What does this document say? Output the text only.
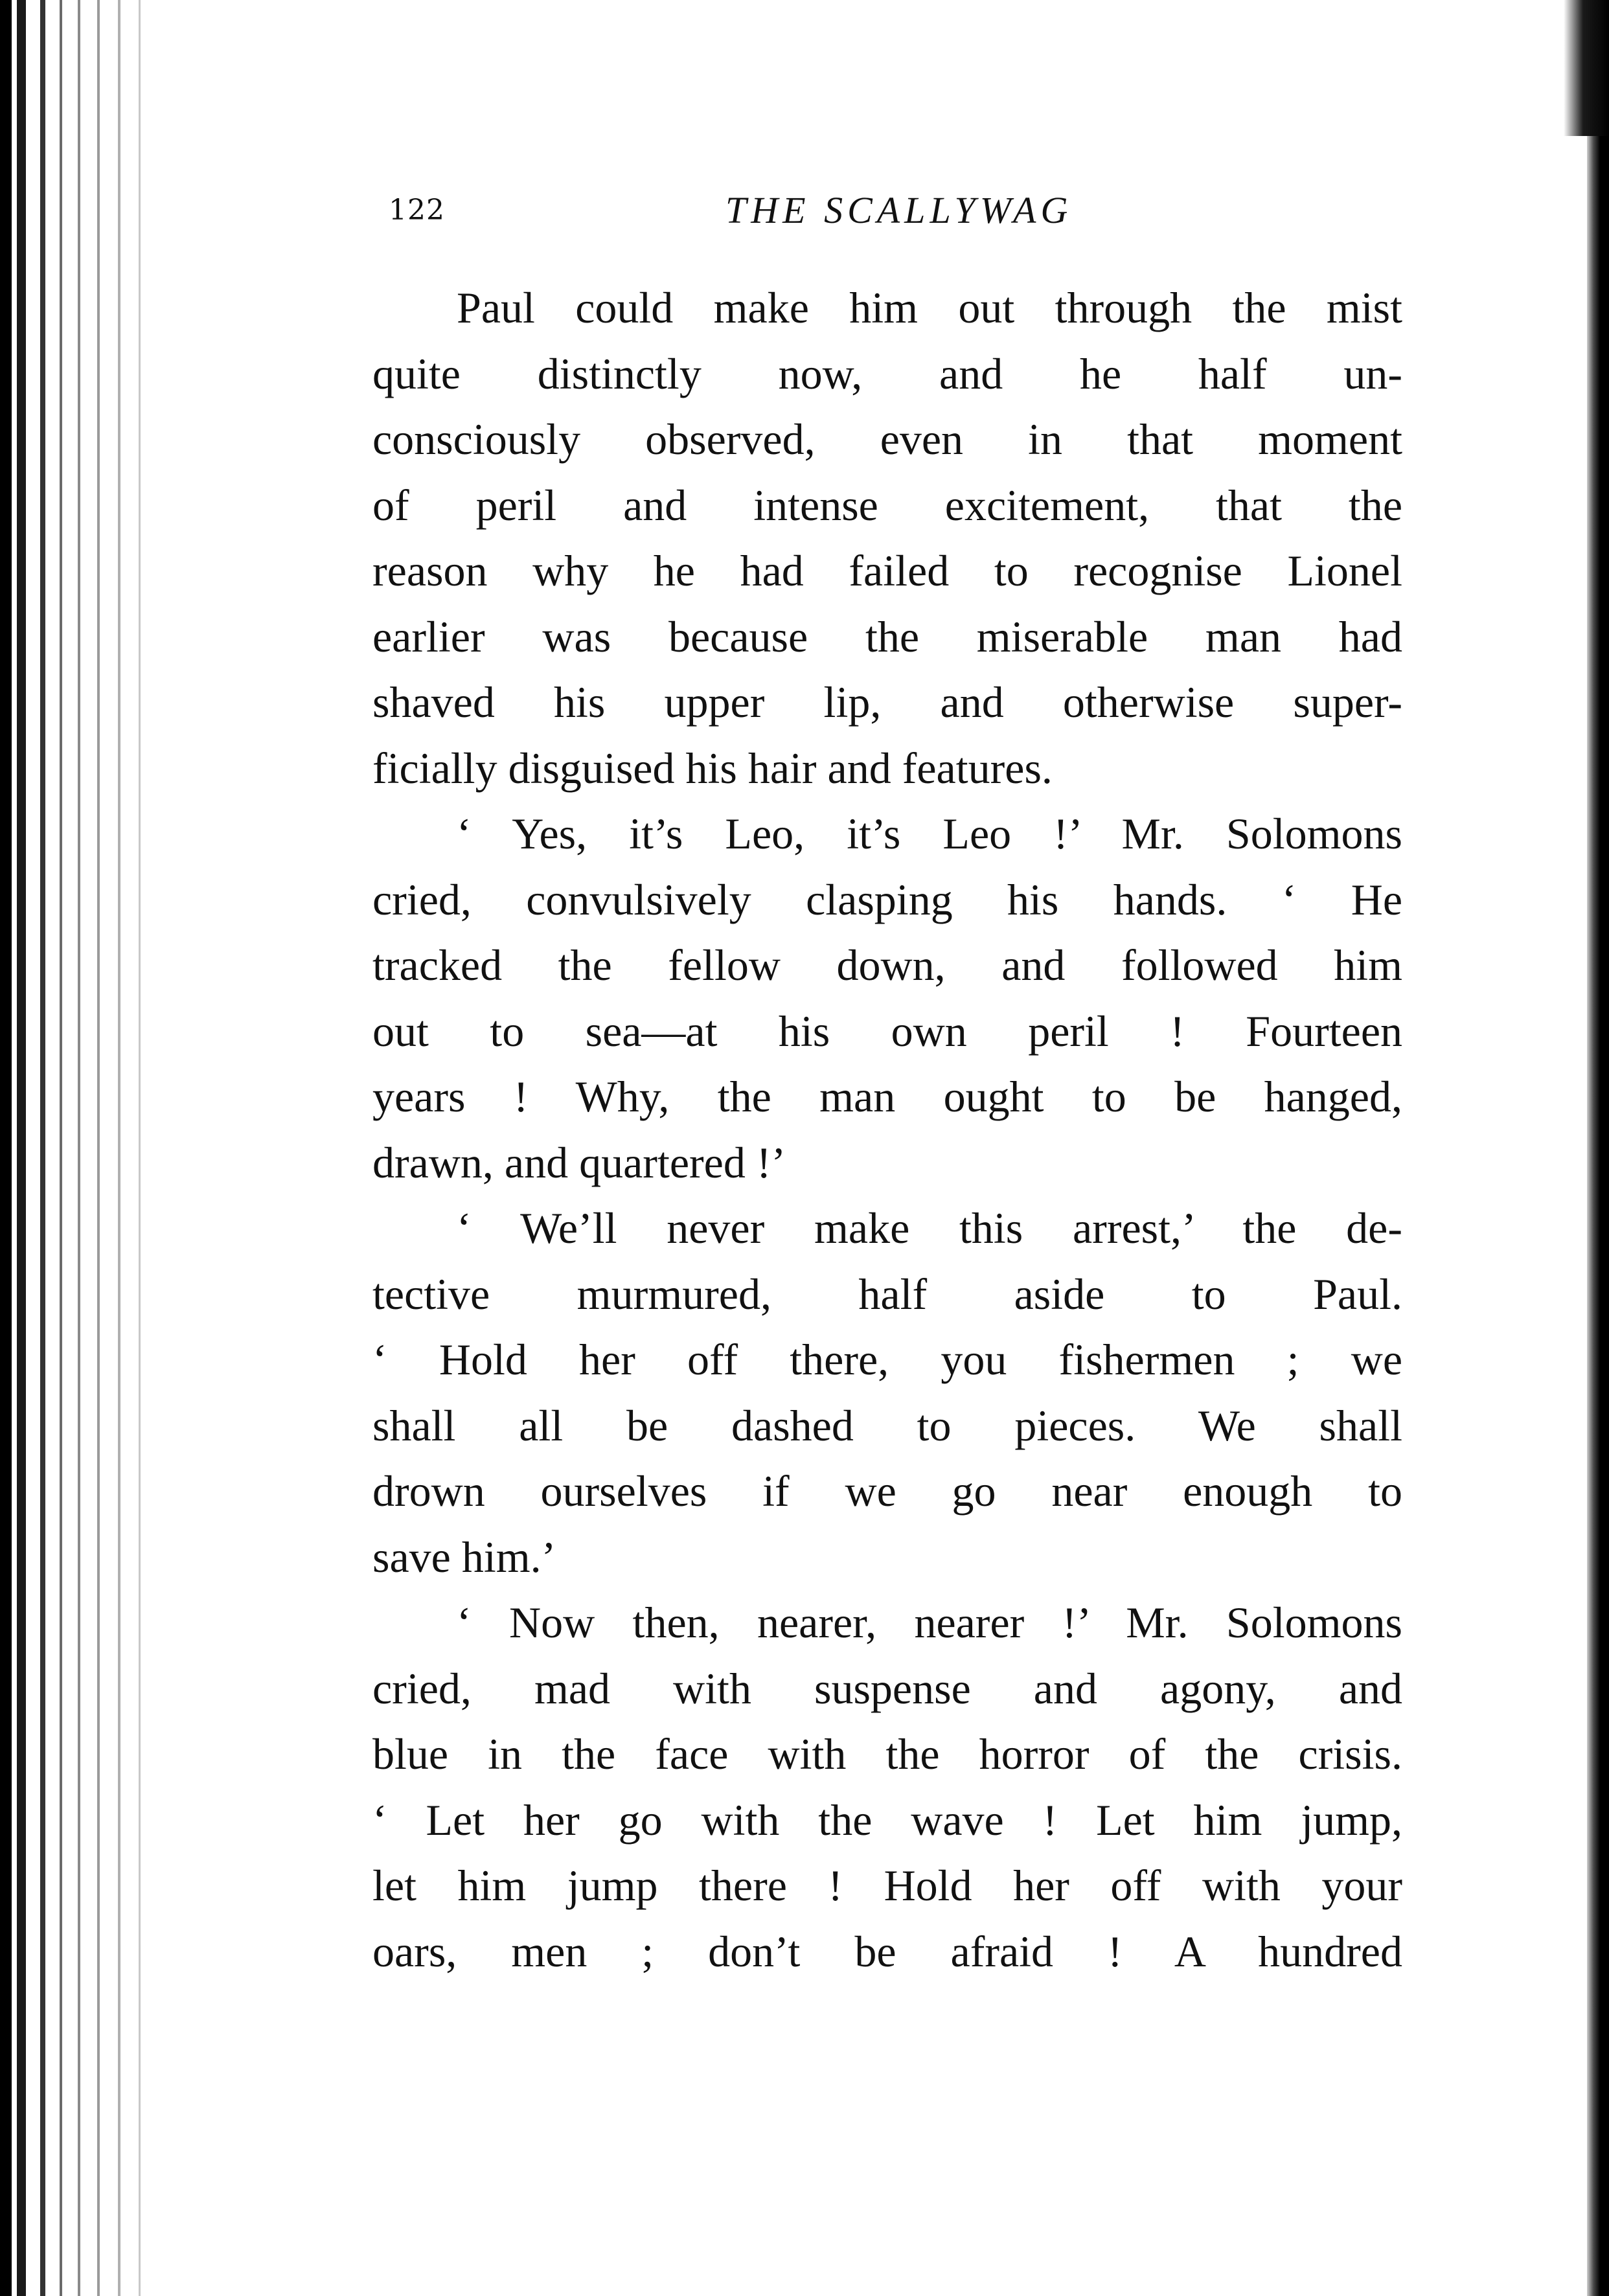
122	THE SCALLYWAG
Paul could make him out through the mist
quite distinctly now, and he half un-
consciously observed, even in that moment
of peril and intense excitement, that the
reason why he had failed to recognise Lionel
earlier was because the miserable man had
shaved his upper lip, and otherwise super-
ficially disguised his hair and features.
‘ Yes, it’s Leo, it’s Leo !’ Mr. Solomons
cried, convulsively clasping his hands. ‘ He
tracked the fellow down, and followed him
out to sea—at his own peril ! Fourteen
years ! Why, the man ought to be hanged,
drawn, and quartered !’
‘ We’ll never make this arrest,’ the de-
tective murmured, half aside to Paul.
‘ Hold her off there, you fishermen ; we
shall all be dashed to pieces. We shall
drown ourselves if we go near enough to
save him.’
‘ Now then, nearer, nearer !’ Mr. Solomons
cried, mad with suspense and agony, and
blue in the face with the horror of the crisis.
‘ Let her go with the wave ! Let him jump,
let him jump there ! Hold her off with your
oars, men ; don’t be afraid ! A hundred
